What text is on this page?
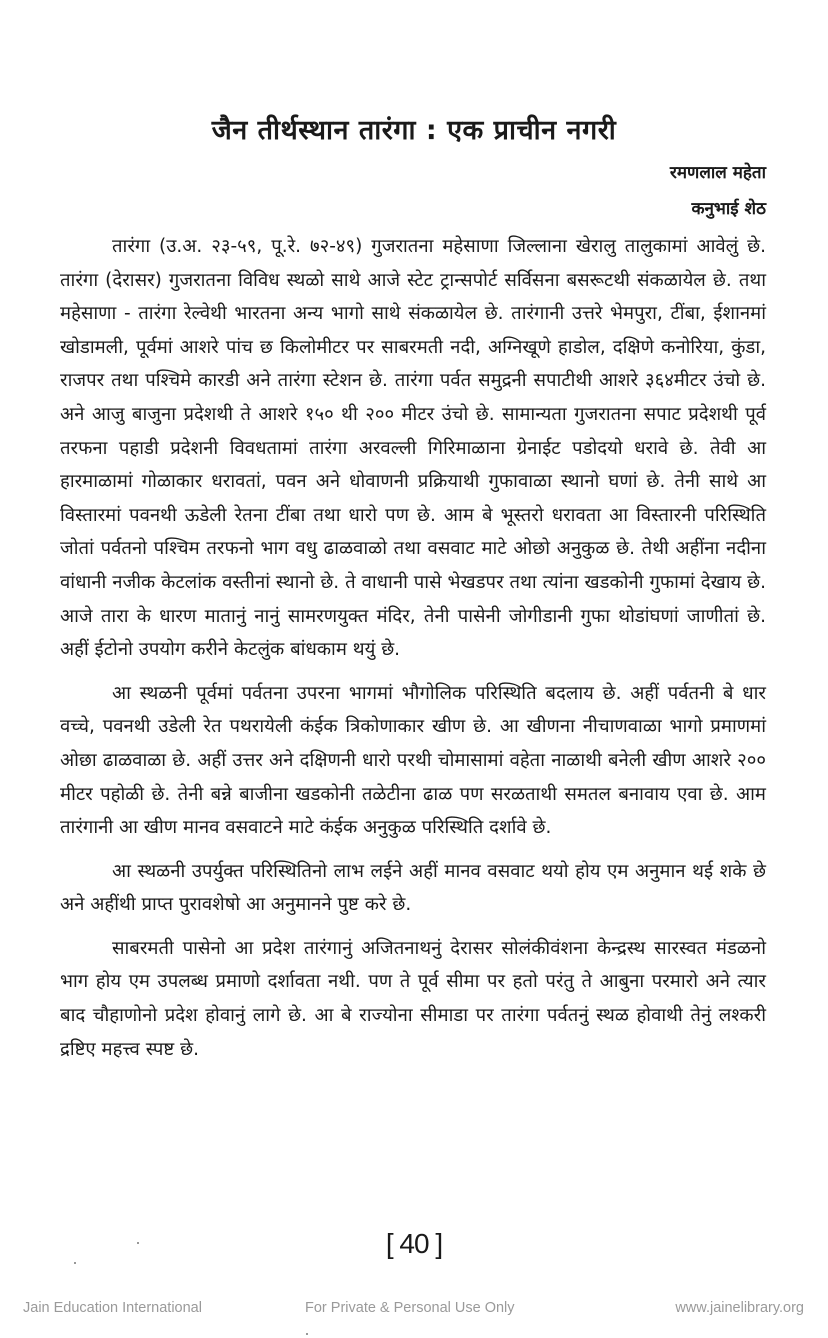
जैन तीर्थस्थान तारंगा : एक प्राचीन नगरी
रमणलाल महेता
कनुभाई शेठ

तारंगा (उ.अ. २३-५९, पू.रे. ७२-४९) गुजरातना महेसाणा जिल्लाना खेरालु तालुकामां आवेलुं छे. तारंगा (देरासर) गुजरातना विविध स्थळो साथे आजे स्टेट ट्रान्सपोर्ट सर्विसना बसरूटथी संकळायेल छे. तथा महेसाणा - तारंगा रेल्वेथी भारतना अन्य भागो साथे संकळायेल छे. तारंगानी उत्तरे भेमपुरा, टींबा, ईशानमां खोडामली, पूर्वमां आशरे पांच छ किलोमीटर पर साबरमती नदी, अग्निखूणे हाडोल, दक्षिणे कनोरिया, कुंडा, राजपर तथा पश्चिमे कारडी अने तारंगा स्टेशन छे. तारंगा पर्वत समुद्रनी सपाटीथी आशरे ३६४मीटर उंचो छे. अने आजु बाजुना प्रदेशथी ते आशरे १५० थी २०० मीटर उंचो छे. सामान्यता गुजरातना सपाट प्रदेशथी पूर्व तरफना पहाडी प्रदेशनी विवधतामां तारंगा अरवल्ली गिरिमाळाना ग्रेनाईट पडोदयो धरावे छे. तेवी आ हारमाळामां गोळाकार धरावतां, पवन अने धोवाणनी प्रक्रियाथी गुफावाळा स्थानो घणां छे. तेनी साथे आ विस्तारमां पवनथी ऊडेली रेतना टींबा तथा धारो पण छे. आम बे भूस्तरो धरावता आ विस्तारनी परिस्थिति जोतां पर्वतनो पश्चिम तरफनो भाग वधु ढाळवाळो तथा वसवाट माटे ओछो अनुकुळ छे. तेथी अहींना नदीना वांधानी नजीक केटलांक वस्तीनां स्थानो छे. ते वाधानी पासे भेखडपर तथा त्यांना खडकोनी गुफामां देखाय छे. आजे तारा के धारण मातानुं नानुं सामरणयुक्त मंदिर, तेनी पासेनी जोगीडानी गुफा थोडांघणां जाणीतां छे. अहीं ईटोनो उपयोग करीने केटलुंक बांधकाम थयुं छे.

आ स्थळनी पूर्वमां पर्वतना उपरना भागमां भौगोलिक परिस्थिति बदलाय छे. अहीं पर्वतनी बे धार वच्चे, पवनथी उडेली रेत पथरायेली कंईक त्रिकोणाकार खीण छे. आ खीणना नीचाणवाळा भागो प्रमाणमां ओछा ढाळवाळा छे. अहीं उत्तर अने दक्षिणनी धारो परथी चोमासामां वहेता नाळाथी बनेली खीण आशरे २०० मीटर पहोळी छे. तेनी बन्ने बाजीना खडकोनी तळेटीना ढाळ पण सरळताथी समतल बनावाय एवा छे. आम तारंगानी आ खीण मानव वसवाटने माटे कंईक अनुकुळ परिस्थिति दर्शावे छे.

आ स्थळनी उपर्युक्त परिस्थितिनो लाभ लईने अहीं मानव वसवाट थयो होय एम अनुमान थई शके छे अने अहींथी प्राप्त पुरावशेषो आ अनुमानने पुष्ट करे छे.

साबरमती पासेनो आ प्रदेश तारंगानुं अजितनाथनुं देरासर सोलंकीवंशना केन्द्रस्थ सारस्वत मंडळनो भाग होय एम उपलब्ध प्रमाणो दर्शावता नथी. पण ते पूर्व सीमा पर हतो परंतु ते आबुना परमारो अने त्यार बाद चौहाणोनो प्रदेश होवानुं लागे छे. आ बे राज्योना सीमाडा पर तारंगा पर्वतनुं स्थळ होवाथी तेनुं लश्करी द्रष्टिए महत्त्व स्पष्ट छे.

[ 40 ]
Jain Education International	For Private & Personal Use Only	www.jainelibrary.org
